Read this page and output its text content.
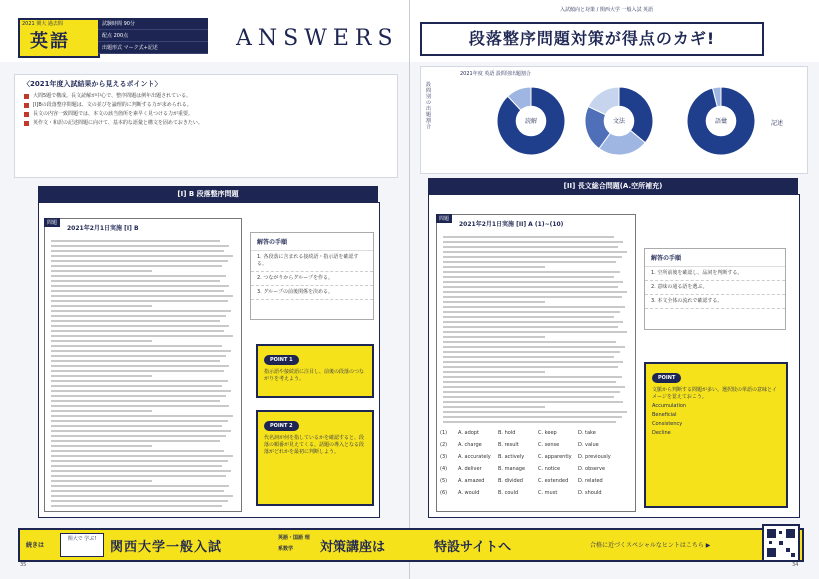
2021 関大 過去問
英語
試験時間 90分
配点 200点
出題形式 マーク式+記述	ANSWERS
入試傾向と対策 / 関西大学 一般入試 英語
段落整序問題対策が得点のカギ!
〈2021年度入試結果から見えるポイント〉
大問5題で構成。長文読解が中心で、整序問題は例年出題されている。
[I]Bの段落整序問題は、文の並びを論理的に判断する力が求められる。
長文の内容一致問題では、本文の該当箇所を素早く見つける力が重要。
英作文・和訳の記述問題に向けて、基本的な語彙と構文を固めておきたい。	読解	文法	語彙	記述
設問別の出題割合
2021年度 英語 設問別出題割合
[I] B 段落整序問題
問題
2021年2月1日実施 [I] B
解答の手順
1. 各段落に含まれる接続語・指示語を確認する。
2. つながりからグループを作る。
3. グループの前後関係を決める。
POINT 1
指示語や接続語に注目し、前後の段落のつながりを考えよう。
POINT 2
代名詞が何を指しているかを確認すると、段落の順番が見えてくる。話題の導入となる段落がどれかを最初に判断しよう。
[II] 長文総合問題(A.空所補充)
問題
2021年2月1日実施 [II] A (1)~(10)
(1) A. adopt	B. hold	C. keep	D. take
(2) A. charge	B. result	C. sense	D. value
(3) A. accurately B. actively	C. apparently D. previously
(4) A. deliver	B. manage	C. notice	D. observe
(5) A. amazed	B. divided	C. extended D. related
(6) A. would	B. could	C. must	D. should
解答の手順
1. 空所前後を確認し、品詞を判断する。
2. 意味の通る語を選ぶ。
3. 本文全体の流れで確認する。
POINT
文脈から判断する問題が多い。選択肢の単語の意味とイメージを覚えておこう。
Accumulation
Beneficial
Consistency
Decline
続きは
関大で 学ぶ!
関西大学一般入試
英語・国語 理系数学	対策講座は	特設サイトへ	合格に近づくスペシャルなヒントはこちら ▶
35	34
